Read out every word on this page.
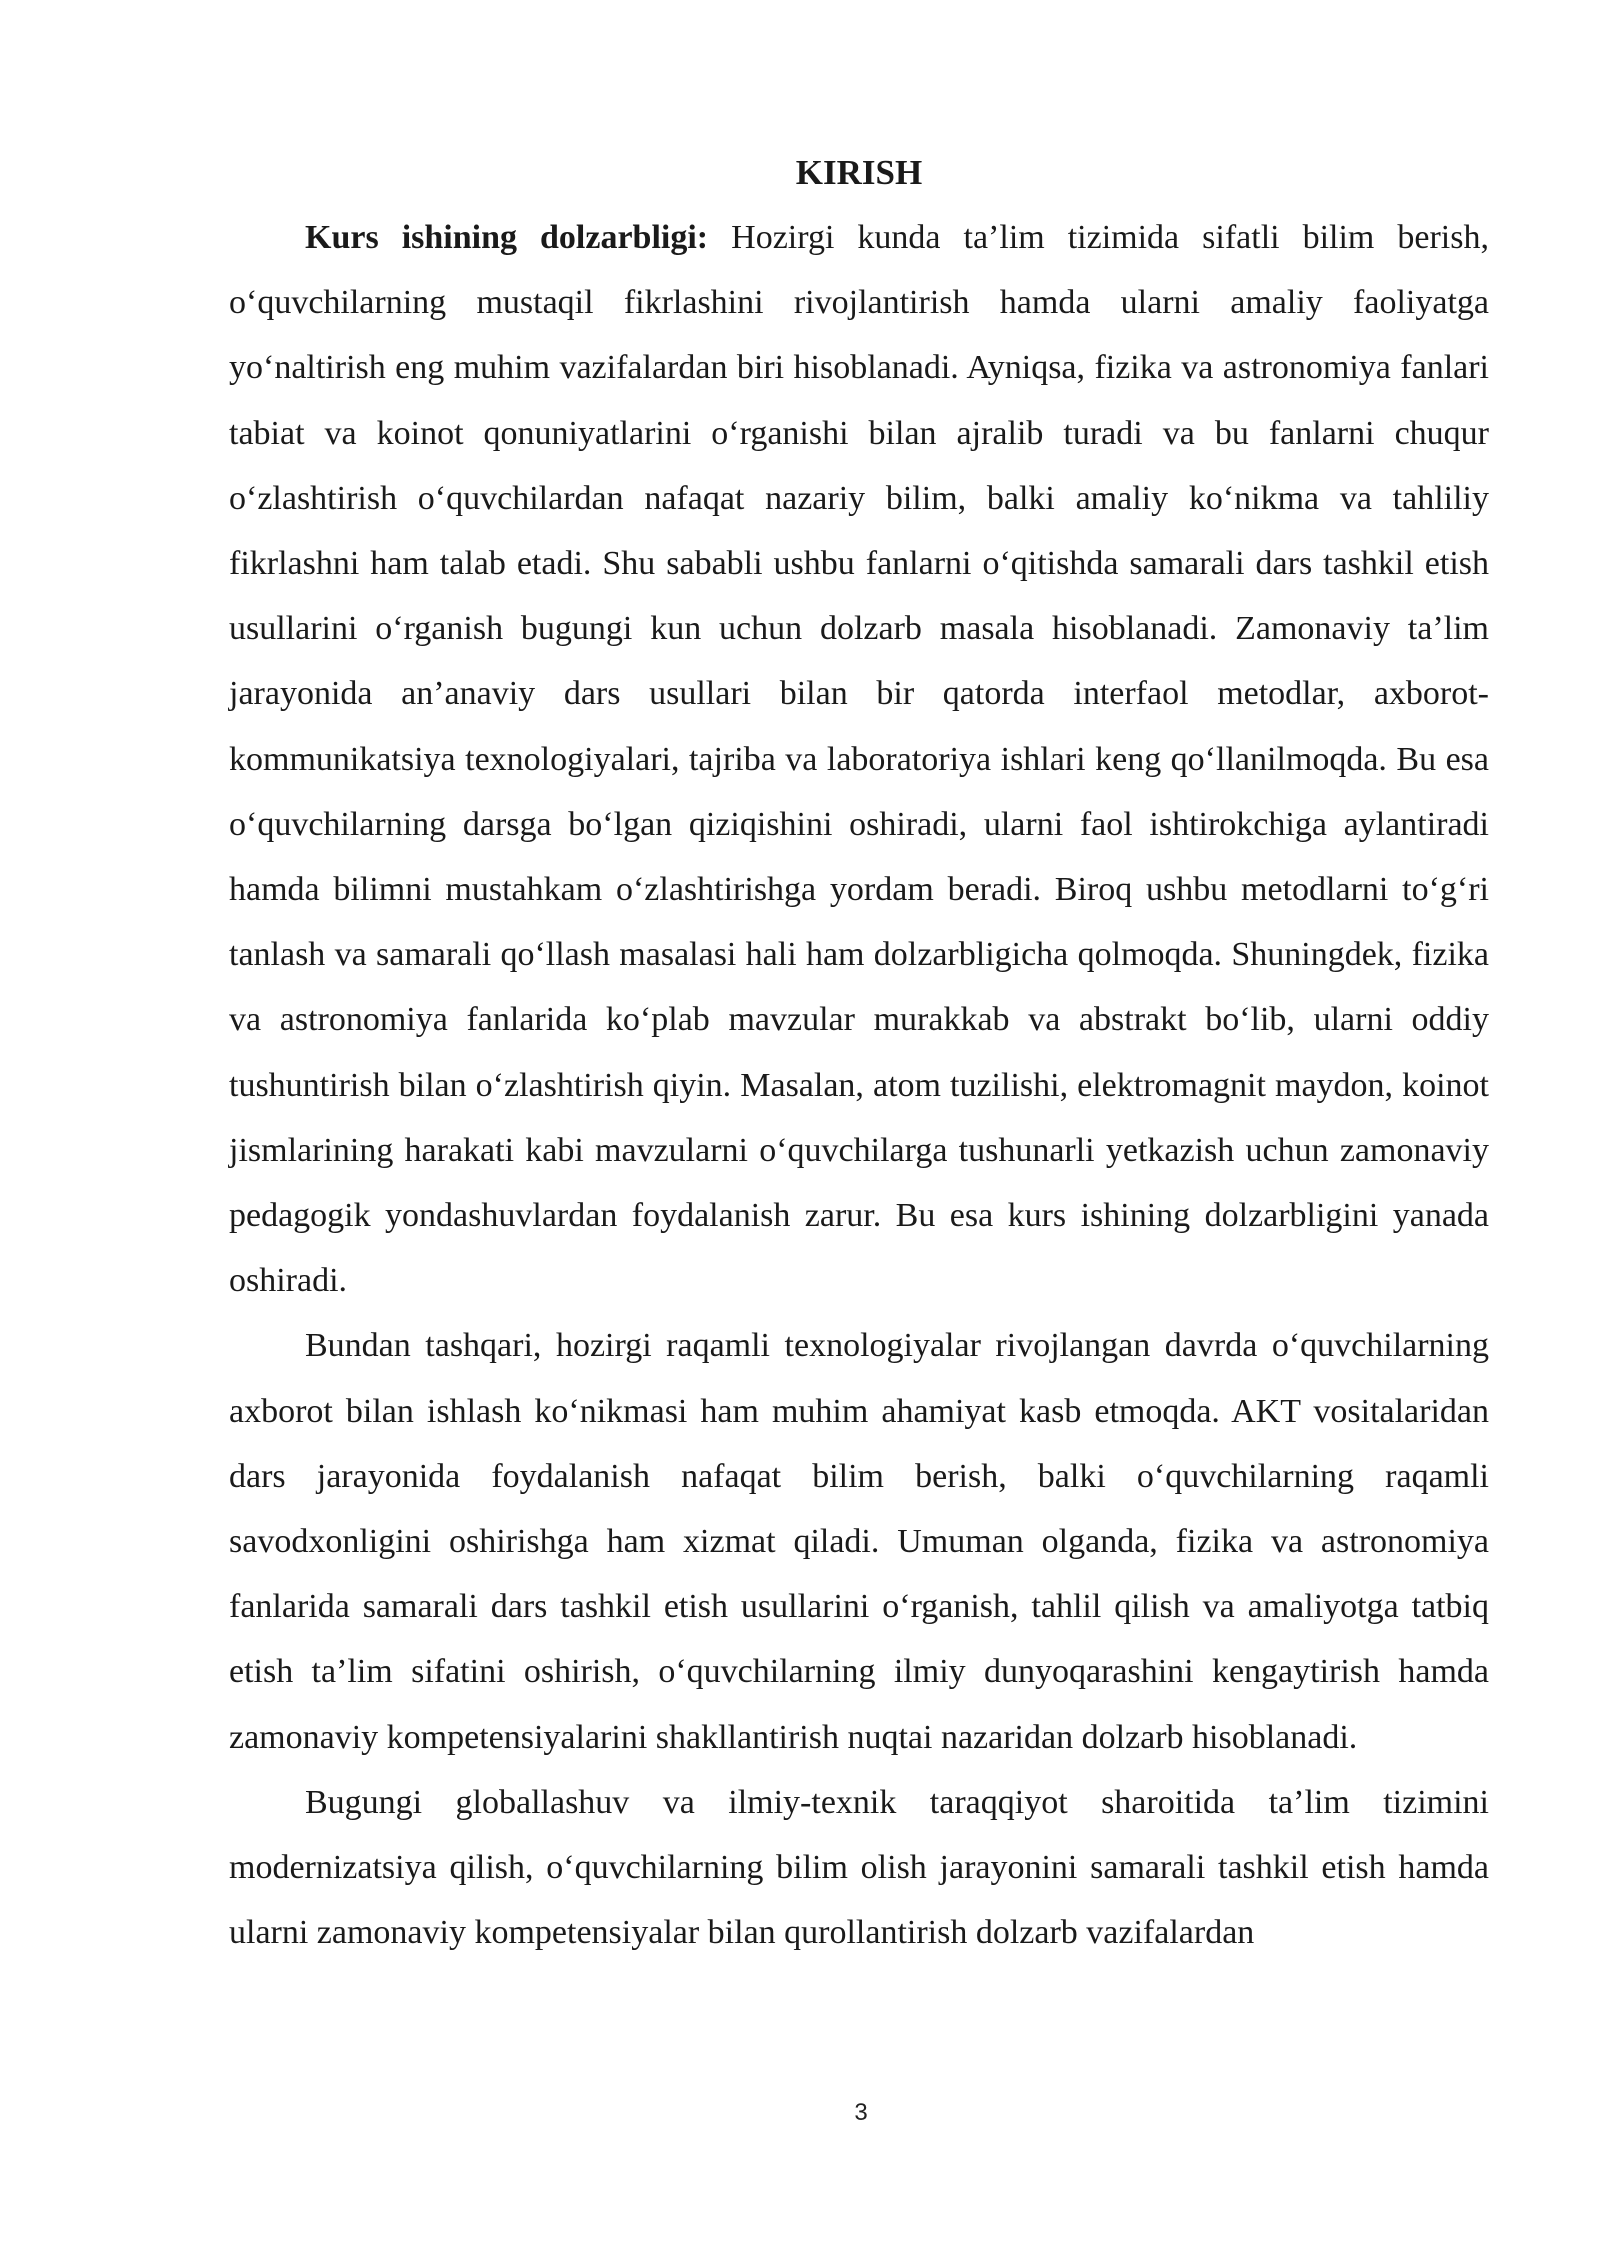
KIRISH

Kurs ishining dolzarbligi: Hozirgi kunda ta’lim tizimida sifatli bilim berish, o‘quvchilarning mustaqil fikrlashini rivojlantirish hamda ularni amaliy faoliyatga yo‘naltirish eng muhim vazifalardan biri hisoblanadi. Ayniqsa, fizika va astronomiya fanlari tabiat va koinot qonuniyatlarini o‘rganishi bilan ajralib turadi va bu fanlarni chuqur o‘zlashtirish o‘quvchilardan nafaqat nazariy bilim, balki amaliy ko‘nikma va tahliliy fikrlashni ham talab etadi. Shu sababli ushbu fanlarni o‘qitishda samarali dars tashkil etish usullarini o‘rganish bugungi kun uchun dolzarb masala hisoblanadi. Zamonaviy ta’lim jarayonida an’anaviy dars usullari bilan bir qatorda interfaol metodlar, axborot-kommunikatsiya texnologiyalari, tajriba va laboratoriya ishlari keng qo‘llanilmoqda. Bu esa o‘quvchilarning darsga bo‘lgan qiziqishini oshiradi, ularni faol ishtirokchiga aylantiradi hamda bilimni mustahkam o‘zlashtirishga yordam beradi. Biroq ushbu metodlarni to‘g‘ri tanlash va samarali qo‘llash masalasi hali ham dolzarbligicha qolmoqda. Shuningdek, fizika va astronomiya fanlarida ko‘plab mavzular murakkab va abstrakt bo‘lib, ularni oddiy tushuntirish bilan o‘zlashtirish qiyin. Masalan, atom tuzilishi, elektromagnit maydon, koinot jismlarining harakati kabi mavzularni o‘quvchilarga tushunarli yetkazish uchun zamonaviy pedagogik yondashuvlardan foydalanish zarur. Bu esa kurs ishining dolzarbligini yanada oshiradi.

Bundan tashqari, hozirgi raqamli texnologiyalar rivojlangan davrda o‘quvchilarning axborot bilan ishlash ko‘nikmasi ham muhim ahamiyat kasb etmoqda. AKT vositalaridan dars jarayonida foydalanish nafaqat bilim berish, balki o‘quvchilarning raqamli savodxonligini oshirishga ham xizmat qiladi. Umuman olganda, fizika va astronomiya fanlarida samarali dars tashkil etish usullarini o‘rganish, tahlil qilish va amaliyotga tatbiq etish ta’lim sifatini oshirish, o‘quvchilarning ilmiy dunyoqarashini kengaytirish hamda zamonaviy kompetensiyalarini shakllantirish nuqtai nazaridan dolzarb hisoblanadi.

Bugungi globallashuv va ilmiy-texnik taraqqiyot sharoitida ta’lim tizimini modernizatsiya qilish, o‘quvchilarning bilim olish jarayonini samarali tashkil etish hamda ularni zamonaviy kompetensiyalar bilan qurollantirish dolzarb vazifalardan

3
